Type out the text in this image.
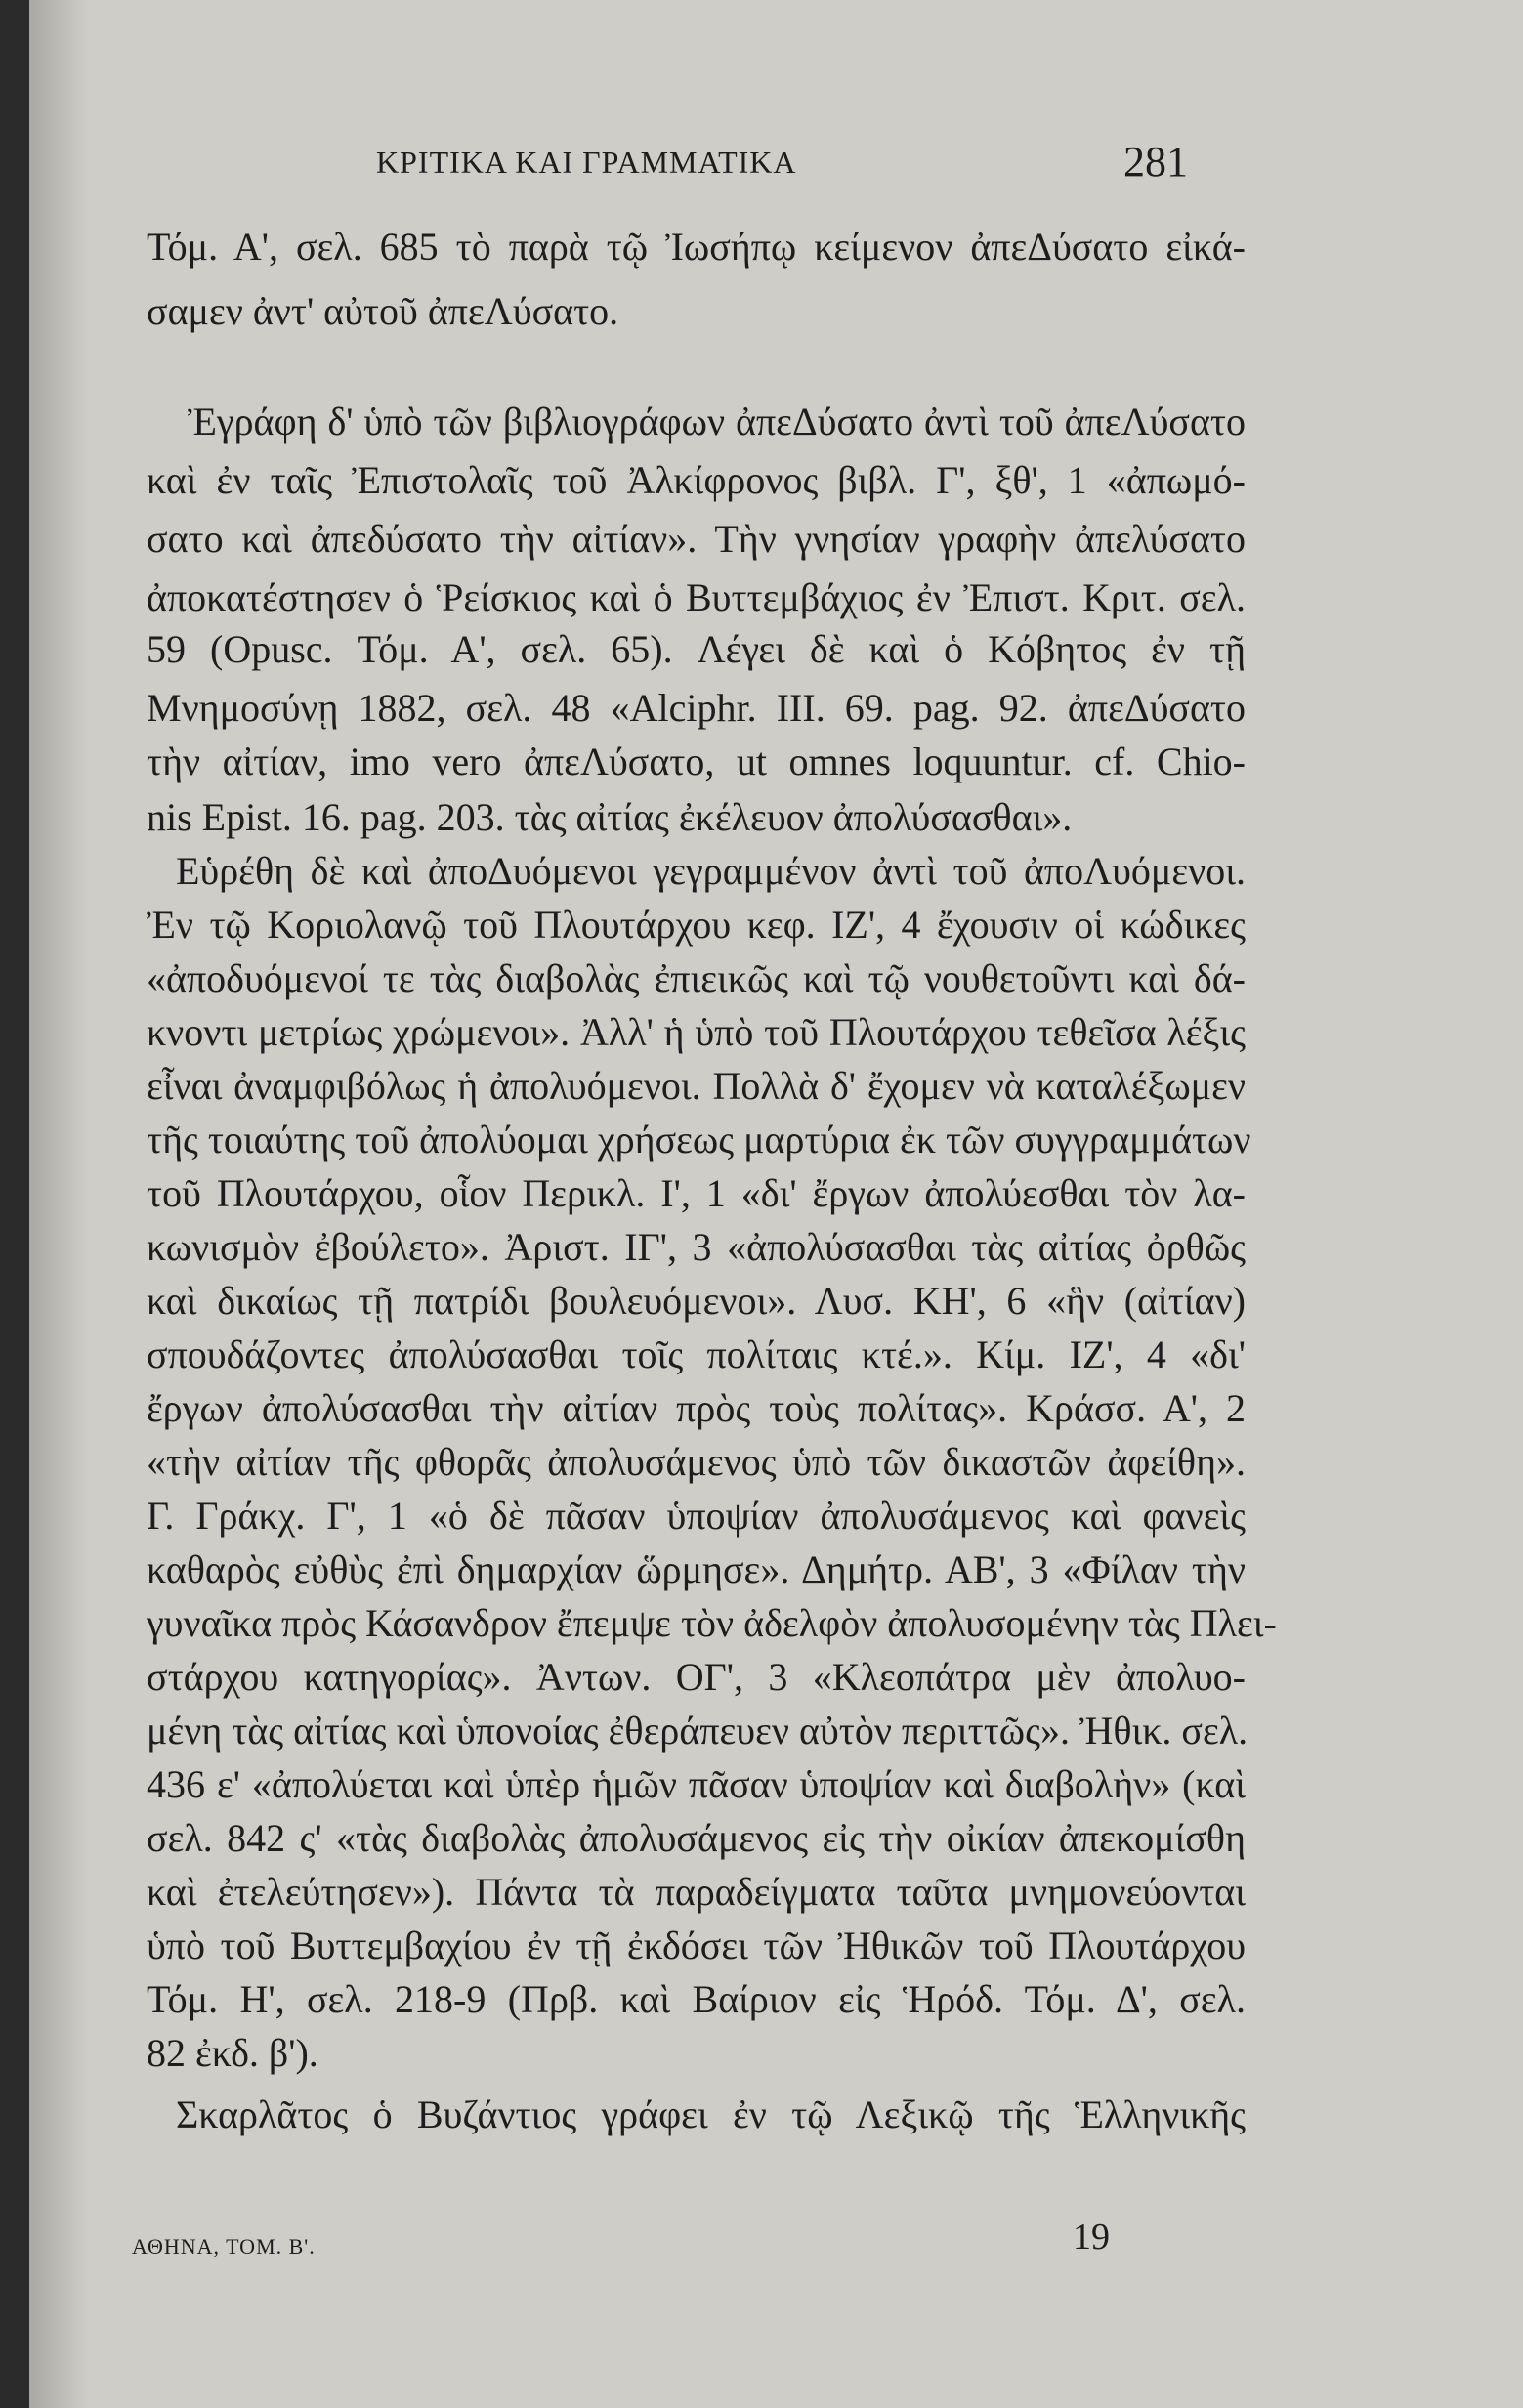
ΚΡΙΤΙΚΑ ΚΑΙ ΓΡΑΜΜΑΤΙΚΑ	281
Τόμ. Α', σελ. 685 τὸ παρὰ τῷ Ἰωσήπῳ κείμενον ἀπεΔύσατο εἰκά-
σαμεν ἀντ' αὐτοῦ ἀπεΛύσατο.
Ἐγράφη δ' ὑπὸ τῶν βιβλιογράφων ἀπεΔύσατο ἀντὶ τοῦ ἀπεΛύσατο
καὶ ἐν ταῖς Ἐπιστολαῖς τοῦ Ἀλκίφρονος βιβλ. Γ', ξθ', 1 «ἀπωμό-
σατο καὶ ἀπεδύσατο τὴν αἰτίαν». Τὴν γνησίαν γραφὴν ἀπελύσατο
ἀποκατέστησεν ὁ Ῥείσκιος καὶ ὁ Βυττεμβάχιος ἐν Ἐπιστ. Κριτ. σελ.
59 (Opusc. Τόμ. Α', σελ. 65). Λέγει δὲ καὶ ὁ Κόβητος ἐν τῇ
Μνημοσύνῃ 1882, σελ. 48 «Alciphr. III. 69. pag. 92. ἀπεΔύσατο
τὴν αἰτίαν, imo vero ἀπεΛύσατο, ut omnes loquuntur. cf. Chio-
nis Epist. 16. pag. 203. τὰς αἰτίας ἐκέλευον ἀπολύσασθαι».
Εὑρέθη δὲ καὶ ἀποΔυόμενοι γεγραμμένον ἀντὶ τοῦ ἀποΛυόμενοι.
Ἐν τῷ Κοριολανῷ τοῦ Πλουτάρχου κεφ. ΙΖ', 4 ἔχουσιν οἱ κώδικες
«ἀποδυόμενοί τε τὰς διαβολὰς ἐπιεικῶς καὶ τῷ νουθετοῦντι καὶ δά-
κνοντι μετρίως χρώμενοι». Ἀλλ' ἡ ὑπὸ τοῦ Πλουτάρχου τεθεῖσα λέξις
εἶναι ἀναμφιβόλως ἡ ἀπολυόμενοι. Πολλὰ δ' ἔχομεν νὰ καταλέξωμεν
τῆς τοιαύτης τοῦ ἀπολύομαι χρήσεως μαρτύρια ἐκ τῶν συγγραμμάτων
τοῦ Πλουτάρχου, οἷον Περικλ. Ι', 1 «δι' ἔργων ἀπολύεσθαι τὸν λα-
κωνισμὸν ἐβούλετο». Ἀριστ. ΙΓ', 3 «ἀπολύσασθαι τὰς αἰτίας ὀρθῶς
καὶ δικαίως τῇ πατρίδι βουλευόμενοι». Λυσ. ΚΗ', 6 «ἣν (αἰτίαν)
σπουδάζοντες ἀπολύσασθαι τοῖς πολίταις κτέ.». Κίμ. ΙΖ', 4 «δι'
ἔργων ἀπολύσασθαι τὴν αἰτίαν πρὸς τοὺς πολίτας». Κράσσ. Α', 2
«τὴν αἰτίαν τῆς φθορᾶς ἀπολυσάμενος ὑπὸ τῶν δικαστῶν ἀφείθη».
Γ. Γράκχ. Γ', 1 «ὁ δὲ πᾶσαν ὑποψίαν ἀπολυσάμενος καὶ φανεὶς
καθαρὸς εὐθὺς ἐπὶ δημαρχίαν ὥρμησε». Δημήτρ. ΑΒ', 3 «Φίλαν τὴν
γυναῖκα πρὸς Κάσανδρον ἔπεμψε τὸν ἀδελφὸν ἀπολυσομένην τὰς Πλει-
στάρχου κατηγορίας». Ἀντων. ΟΓ', 3 «Κλεοπάτρα μὲν ἀπολυο-
μένη τὰς αἰτίας καὶ ὑπονοίας ἐθεράπευεν αὐτὸν περιττῶς». Ἠθικ. σελ.
436 ε' «ἀπολύεται καὶ ὑπὲρ ἡμῶν πᾶσαν ὑποψίαν καὶ διαβολὴν» (καὶ
σελ. 842 ς' «τὰς διαβολὰς ἀπολυσάμενος εἰς τὴν οἰκίαν ἀπεκομίσθη
καὶ ἐτελεύτησεν»). Πάντα τὰ παραδείγματα ταῦτα μνημονεύονται
ὑπὸ τοῦ Βυττεμβαχίου ἐν τῇ ἐκδόσει τῶν Ἠθικῶν τοῦ Πλουτάρχου
Τόμ. Η', σελ. 218-9 (Πρβ. καὶ Βαίριον εἰς Ἡρόδ. Τόμ. Δ', σελ.
82 ἐκδ. β').
Σκαρλᾶτος ὁ Βυζάντιος γράφει ἐν τῷ Λεξικῷ τῆς Ἑλληνικῆς
ΑΘΗΝΑ, ΤΟΜ. Β'.	19
